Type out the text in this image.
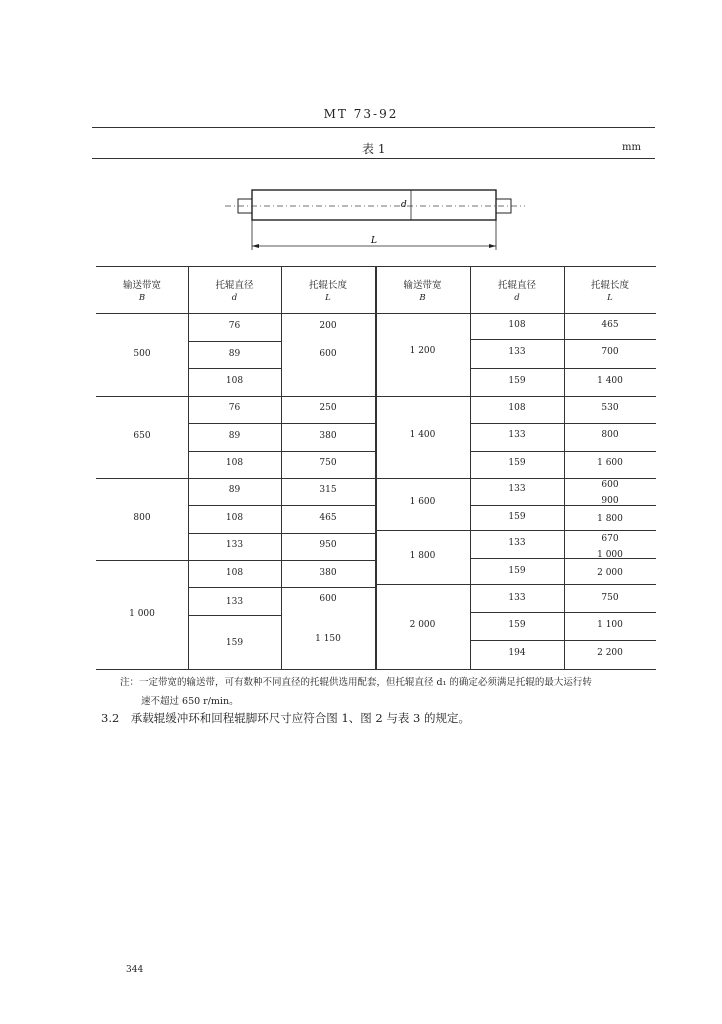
MT 73-92
表 1	mm
d
L
输送带宽
B
托辊直径
d
托辊长度
L
输送带宽
B
托辊直径
d
托辊长度
L
500
650
800
1 000
76
89
108
76
89
108
89
108
133
108
133
159
200
600
250
380
750
315
465
950
380
600
1 150
1 200
1 400
1 600
1 800
2 000
108
133
159
108
133
159
133
159
133
159
133
159
194
465
700
1 400
530
800
1 600
600
900
1 800
670
1 000
2 000
750
1 100
2 200
注：一定带宽的输送带，可有数种不同直径的托辊供选用配套，但托辊直径 d₁ 的确定必须满足托辊的最大运行转
速不超过 650 r/min。
3.2　承载辊缓冲环和回程辊脚环尺寸应符合图 1、图 2 与表 3 的规定。
344
